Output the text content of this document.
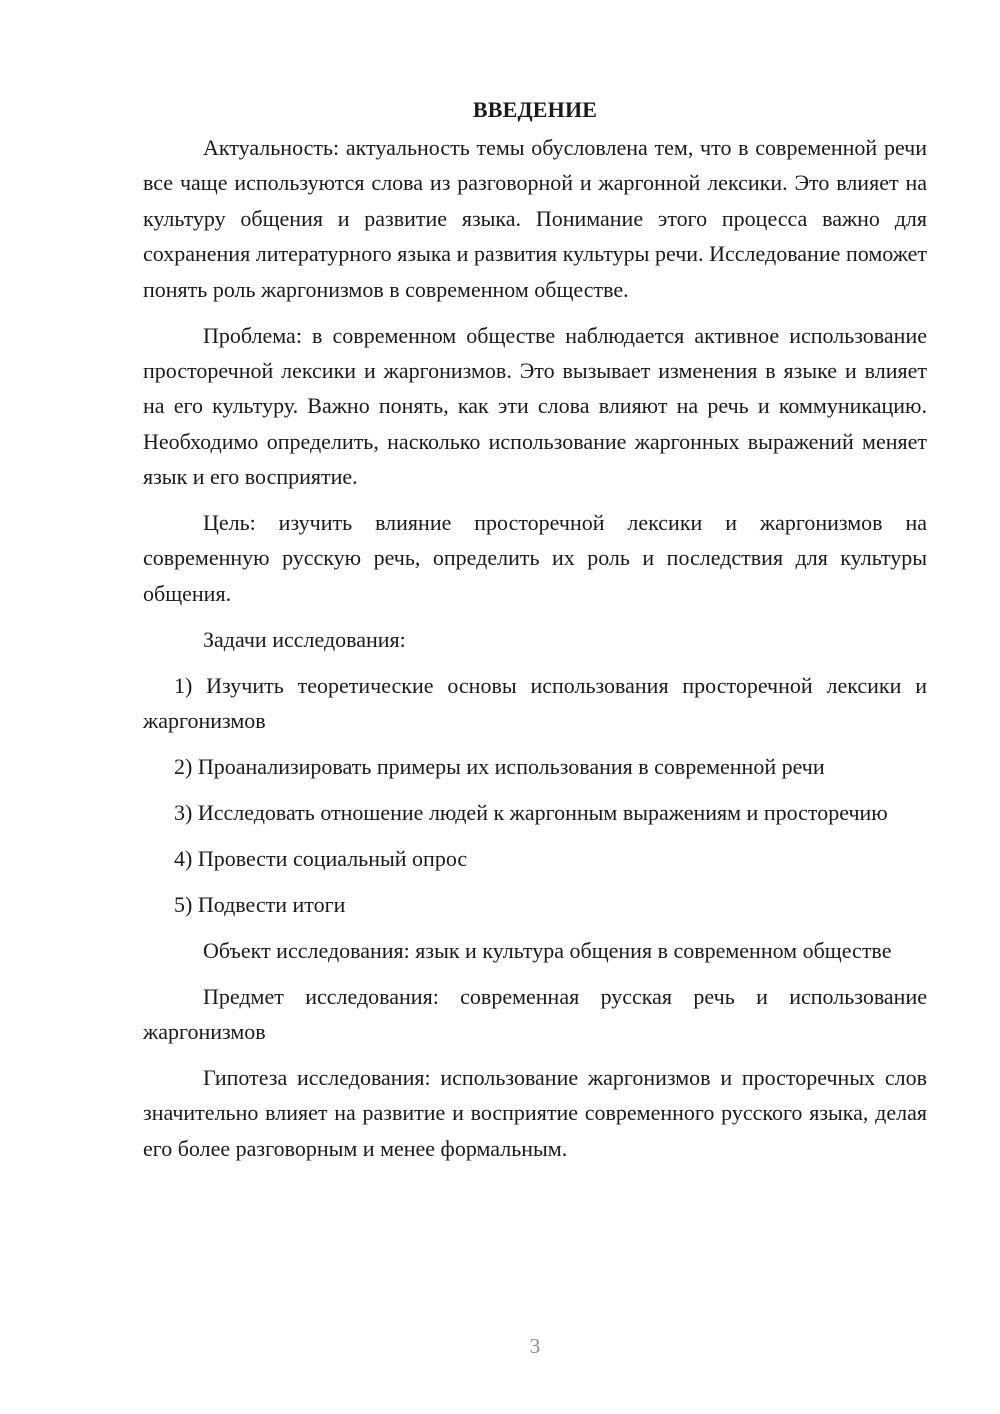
ВВЕДЕНИЕ

Актуальность: актуальность темы обусловлена тем, что в современной речи все чаще используются слова из разговорной и жаргонной лексики. Это влияет на культуру общения и развитие языка. Понимание этого процесса важно для сохранения литературного языка и развития культуры речи. Исследование поможет понять роль жаргонизмов в современном обществе.

Проблема: в современном обществе наблюдается активное использование просторечной лексики и жаргонизмов. Это вызывает изменения в языке и влияет на его культуру. Важно понять, как эти слова влияют на речь и коммуникацию. Необходимо определить, насколько использование жаргонных выражений меняет язык и его восприятие.

Цель: изучить влияние просторечной лексики и жаргонизмов на современную русскую речь, определить их роль и последствия для культуры общения.

Задачи исследования:

1) Изучить теоретические основы использования просторечной лексики и жаргонизмов

2) Проанализировать примеры их использования в современной речи

3) Исследовать отношение людей к жаргонным выражениям и просторечию

4) Провести социальный опрос

5) Подвести итоги

Объект исследования: язык и культура общения в современном обществе

Предмет исследования: современная русская речь и использование жаргонизмов

Гипотеза исследования: использование жаргонизмов и просторечных слов значительно влияет на развитие и восприятие современного русского языка, делая его более разговорным и менее формальным.

3
